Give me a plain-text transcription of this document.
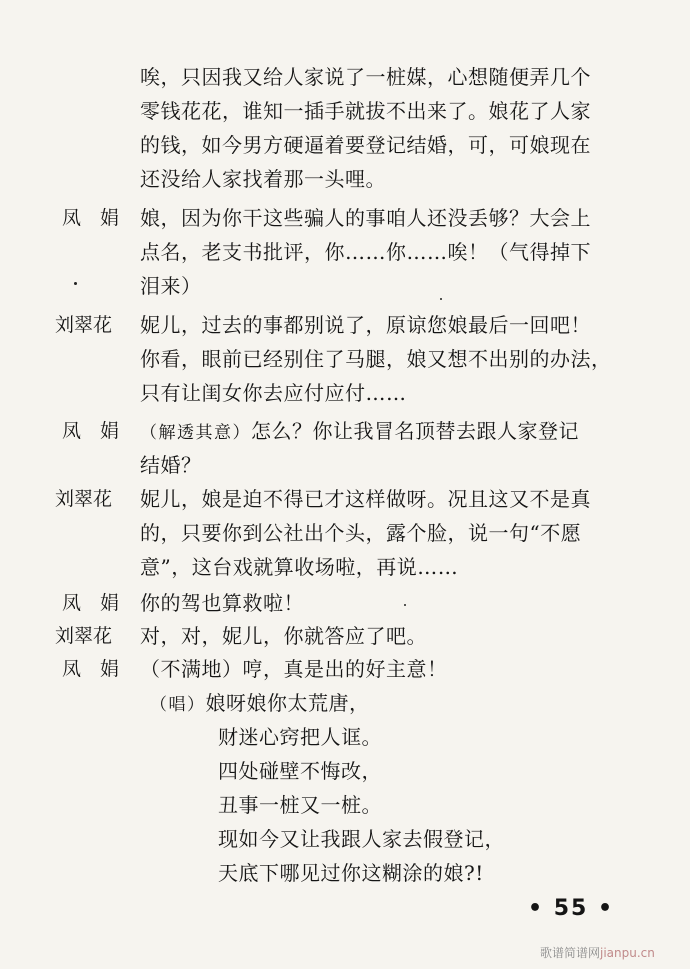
唉，只因我又给人家说了一桩媒，心想随便弄几个
零钱花花，谁知一插手就拔不出来了。娘花了人家
的钱，如今男方硬逼着要登记结婚，可，可娘现在
还没给人家找着那一头哩。
凤　娟 娘，因为你干这些骗人的事咱人还没丢够？大会上
点名，老支书批评，你……你……唉！（气得掉下
泪来）
刘翠花 妮儿，过去的事都别说了，原谅您娘最后一回吧！
你看，眼前已经别住了马腿，娘又想不出别的办法，
只有让闺女你去应付应付……
凤　娟 （解透其意）怎么？你让我冒名顶替去跟人家登记
结婚？
刘翠花 妮儿，娘是迫不得已才这样做呀。况且这又不是真
的，只要你到公社出个头，露个脸，说一句“不愿
意”，这台戏就算收场啦，再说……
凤　娟 你的驾也算救啦！
刘翠花 对，对，妮儿，你就答应了吧。
凤　娟 （不满地）哼，真是出的好主意！
（唱）娘呀娘你太荒唐，
财迷心窍把人诓。
四处碰壁不悔改，
丑事一桩又一桩。
现如今又让我跟人家去假登记，
天底下哪见过你这糊涂的娘?!
• 55 •
歌谱简谱网jianpu.cn
